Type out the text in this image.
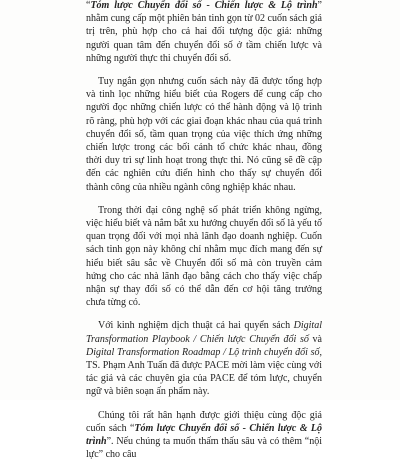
“Tóm lược Chuyển đổi số - Chiến lược & Lộ trình” nhằm cung cấp một phiên bản tinh gọn từ 02 cuốn sách giá trị trên, phù hợp cho cả hai đối tượng độc giả: những người quan tâm đến chuyển đổi số ở tầm chiến lược và những người thực thi chuyển đổi số.

Tuy ngắn gọn nhưng cuốn sách này đã được tổng hợp và tinh lọc những hiểu biết của Rogers để cung cấp cho người đọc những chiến lược có thể hành động và lộ trình rõ ràng, phù hợp với các giai đoạn khác nhau của quá trình chuyển đổi số, tầm quan trọng của việc thích ứng những chiến lược trong các bối cảnh tổ chức khác nhau, đồng thời duy trì sự linh hoạt trong thực thi. Nó cũng sẽ đề cập đến các nghiên cứu điển hình cho thấy sự chuyển đổi thành công của nhiều ngành công nghiệp khác nhau.

Trong thời đại công nghệ số phát triển không ngừng, việc hiểu biết và nắm bắt xu hướng chuyển đổi số là yếu tố quan trọng đối với mọi nhà lãnh đạo doanh nghiệp. Cuốn sách tinh gọn này không chỉ nhằm mục đích mang đến sự hiểu biết sâu sắc về Chuyển đổi số mà còn truyền cảm hứng cho các nhà lãnh đạo bằng cách cho thấy việc chấp nhận sự thay đổi số có thể dẫn đến cơ hội tăng trưởng chưa từng có.

Với kinh nghiệm dịch thuật cả hai quyển sách Digital Transformation Playbook / Chiến lược Chuyển đổi số và Digital Transformation Roadmap / Lộ trình chuyển đổi số, TS. Phạm Anh Tuấn đã được PACE mời làm việc cùng với tác giả và các chuyên gia của PACE để tóm lược, chuyển ngữ và biên soạn ấn phẩm này.

Chúng tôi rất hân hạnh được giới thiệu cùng độc giả cuốn sách “Tóm lược Chuyển đổi số - Chiến lược & Lộ trình”. Nếu chúng ta muốn thấm thấu sâu và có thêm “nội lực” cho câu
